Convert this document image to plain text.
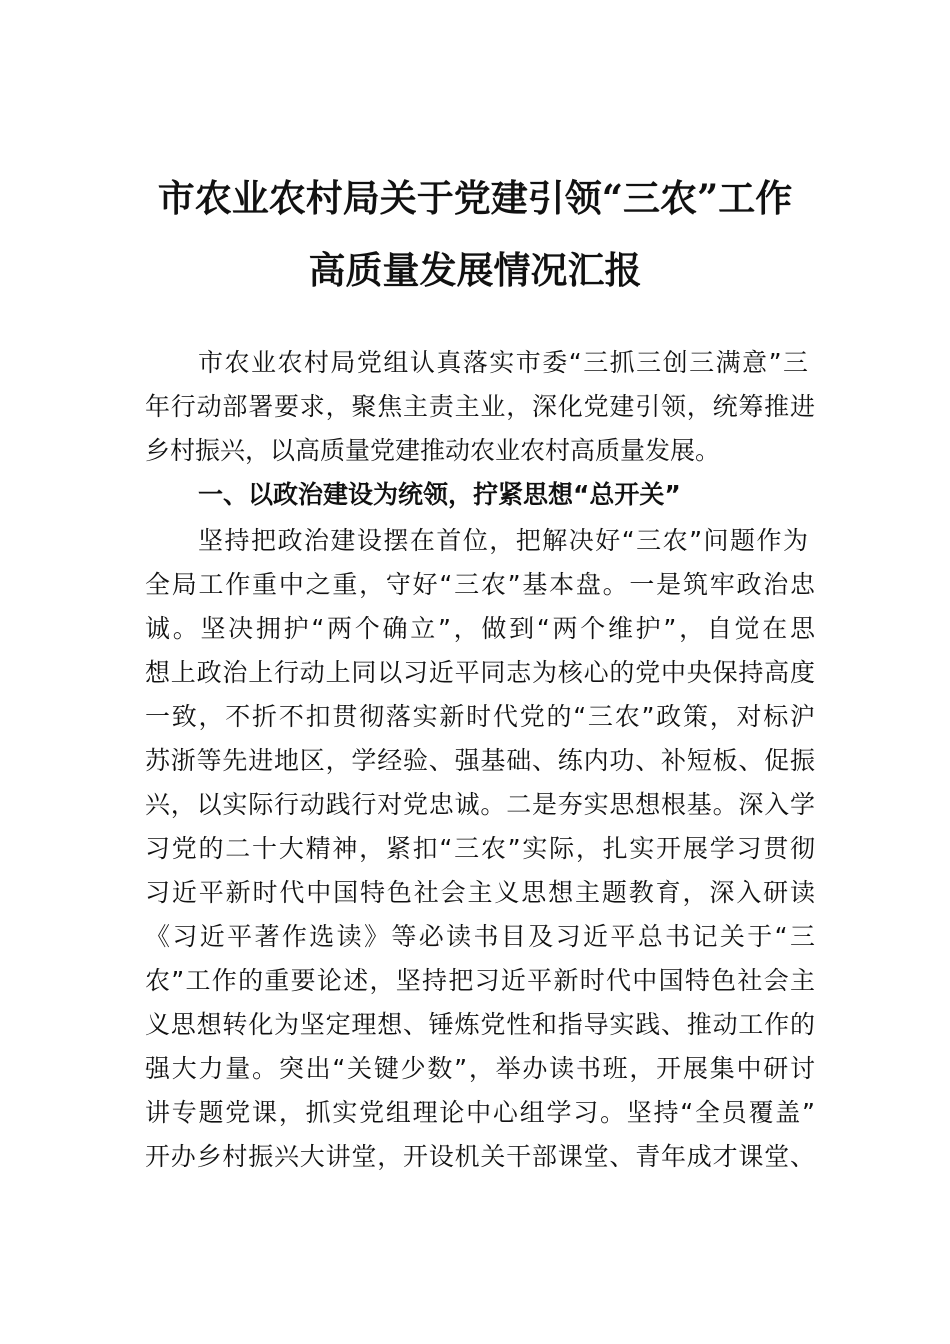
市农业农村局关于党建引领“三农”工作
高质量发展情况汇报

市农业农村局党组认真落实市委“三抓三创三满意”三

年行动部署要求，聚焦主责主业，深化党建引领，统筹推进

乡村振兴，以高质量党建推动农业农村高质量发展。

一、以政治建设为统领，拧紧思想“总开关”

坚持把政治建设摆在首位，把解决好“三农”问题作为

全局工作重中之重，守好“三农”基本盘。一是筑牢政治忠

诚。坚决拥护“两个确立”，做到“两个维护”，自觉在思

想上政治上行动上同以习近平同志为核心的党中央保持高度

一致，不折不扣贯彻落实新时代党的“三农”政策，对标沪

苏浙等先进地区，学经验、强基础、练内功、补短板、促振

兴，以实际行动践行对党忠诚。二是夯实思想根基。深入学

习党的二十大精神，紧扣“三农”实际，扎实开展学习贯彻

习近平新时代中国特色社会主义思想主题教育，深入研读

《习近平著作选读》等必读书目及习近平总书记关于“三

农”工作的重要论述，坚持把习近平新时代中国特色社会主

义思想转化为坚定理想、锤炼党性和指导实践、推动工作的

强大力量。突出“关键少数”，举办读书班，开展集中研讨

讲专题党课，抓实党组理论中心组学习。坚持“全员覆盖”

开办乡村振兴大讲堂，开设机关干部课堂、青年成才课堂、
